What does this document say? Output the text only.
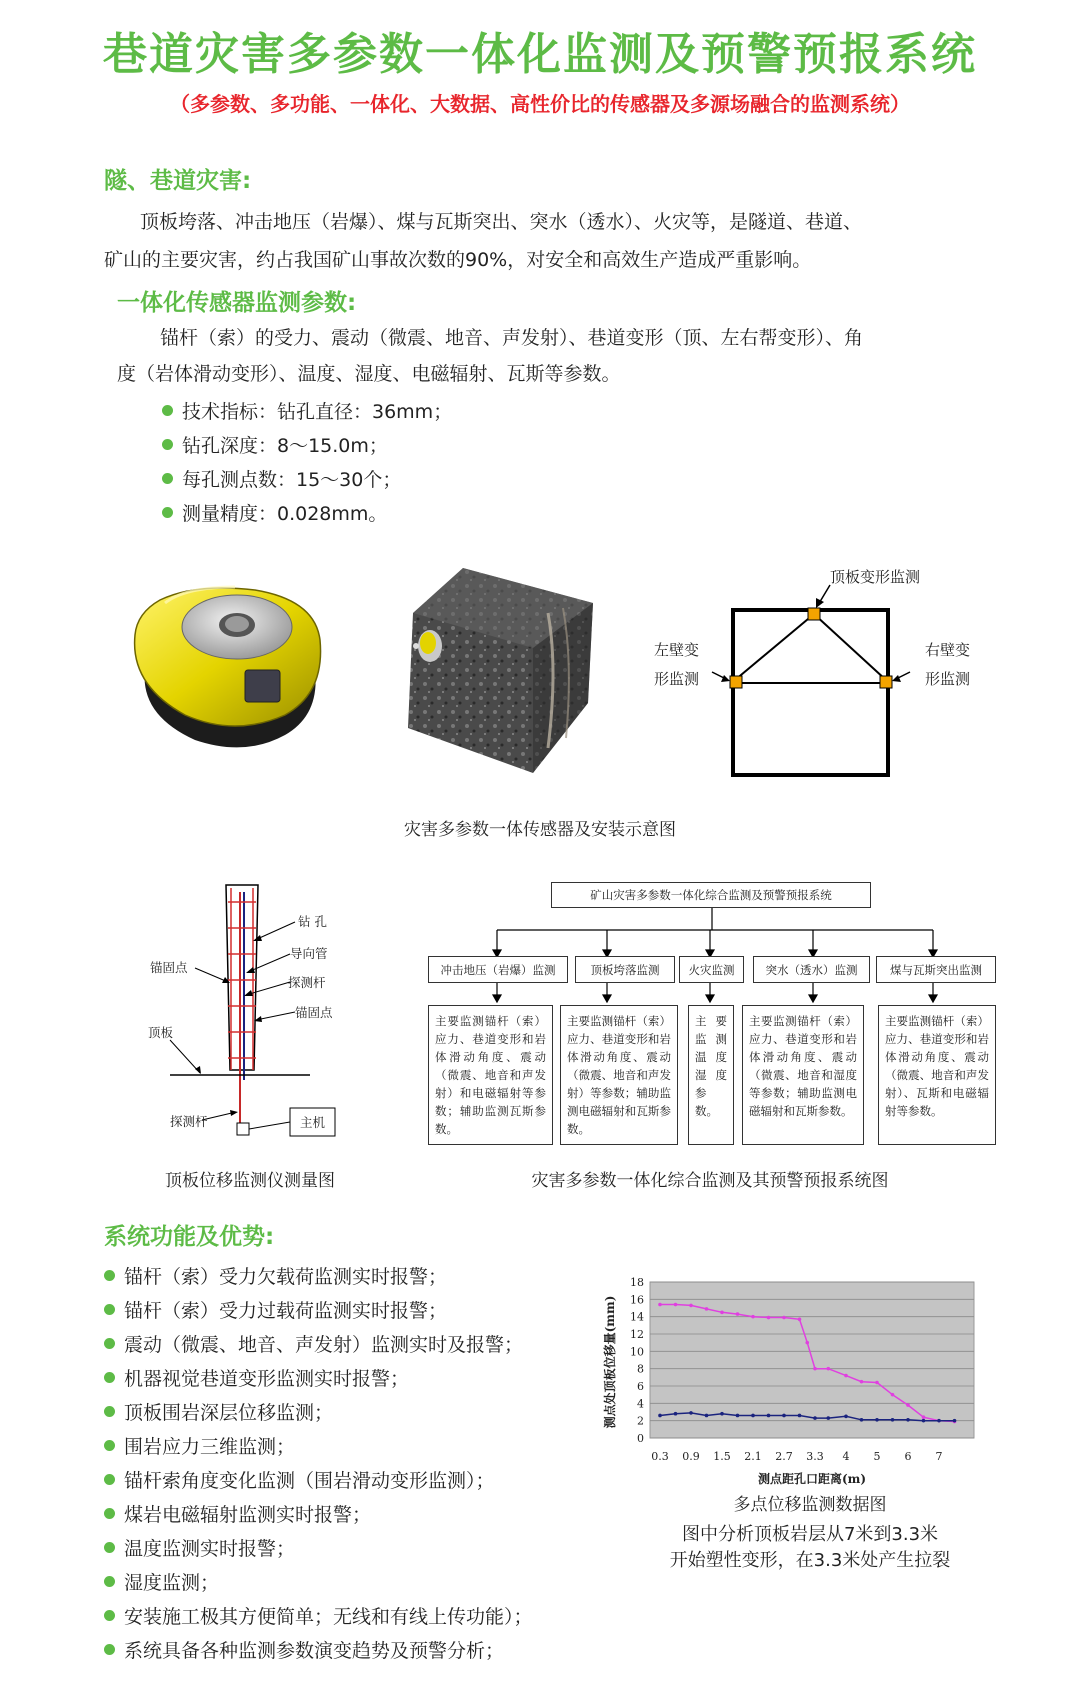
巷道灾害多参数一体化监测及预警预报系统
（多参数、多功能、一体化、大数据、高性价比的传感器及多源场融合的监测系统）
隧、巷道灾害:
顶板垮落、冲击地压（岩爆）、煤与瓦斯突出、突水（透水）、火灾等，是隧道、巷道、
矿山的主要灾害，约占我国矿山事故次数的90%，对安全和高效生产造成严重影响。
一体化传感器监测参数:
锚杆（索）的受力、震动（微震、地音、声发射）、巷道变形（顶、左右帮变形）、角
度（岩体滑动变形）、温度、湿度、电磁辐射、瓦斯等参数。
技术指标：钻孔直径：36mm；
钻孔深度：8～15.0m；
每孔测点数：15～30个；
测量精度：0.028mm。
顶板变形监测
左壁变
形监测
右壁变
形监测
灾害多参数一体传感器及安装示意图
钻 孔
导向管
探测杆
锚固点
锚固点
顶板
探测杆	主机
顶板位移监测仪测量图
矿山灾害多参数一体化综合监测及预警预报系统
冲击地压（岩爆）监测	顶板垮落监测	火灾监测	突水（透水）监测	煤与瓦斯突出监测
主要监测锚杆（索）应力、巷道变形和岩体滑动角度、震动（微震、地音和声发射）和电磁辐射等参数；辅助监测瓦斯参数。
主要监测锚杆（索）应力、巷道变形和岩体滑动角度、震动（微震、地音和声发射）等参数；辅助监测电磁辐射和瓦斯参数。
主要监测温度湿度参数。
主要监测锚杆（索）应力、巷道变形和岩体滑动角度、震动（微震、地音和湿度等参数；辅助监测电磁辐射和瓦斯参数。
主要监测锚杆（索）应力、巷道变形和岩体滑动角度、震动（微震、地音和声发射）、瓦斯和电磁辐射等参数。
灾害多参数一体化综合监测及其预警预报系统图
系统功能及优势:
锚杆（索）受力欠载荷监测实时报警；
锚杆（索）受力过载荷监测实时报警；
震动（微震、地音、声发射）监测实时及报警；
机器视觉巷道变形监测实时报警；
顶板围岩深层位移监测；
围岩应力三维监测；
锚杆索角度变化监测（围岩滑动变形监测）；
煤岩电磁辐射监测实时报警；
温度监测实时报警；
湿度监测；
安装施工极其方便简单；无线和有线上传功能）；
系统具备各种监测参数演变趋势及预警分析；
0
2
4
6
8
10
12
14
16
18
0.3 0.9 1.5 2.1 2.7 3.3 4 5 6 7
测点距孔口距离(m)
测点处顶板位移量(mm)
多点位移监测数据图
图中分析顶板岩层从7米到3.3米
开始塑性变形，在3.3米处产生拉裂
